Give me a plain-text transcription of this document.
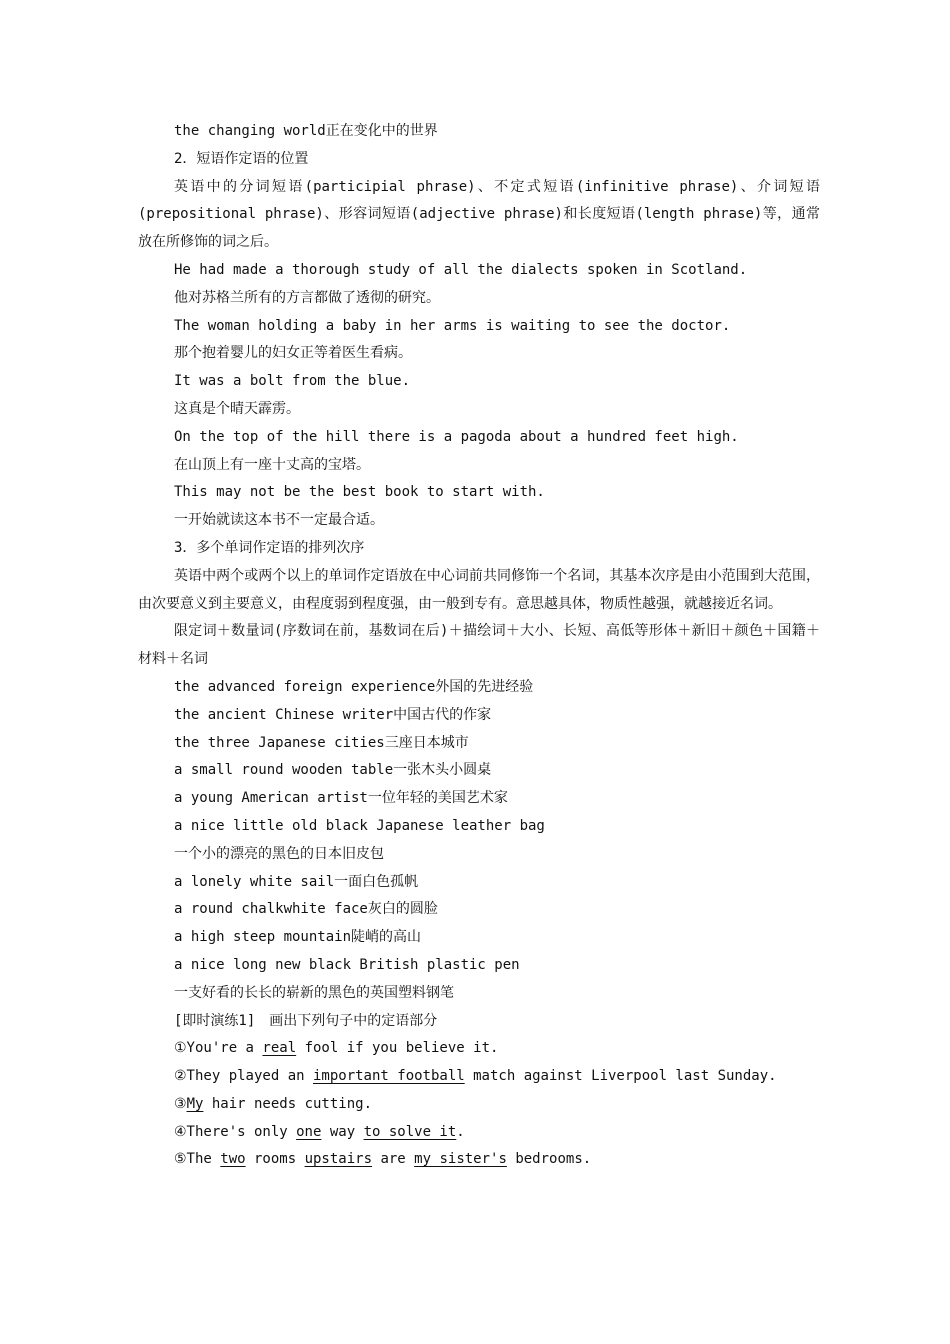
the changing world正在变化中的世界

2．短语作定语的位置

英语中的分词短语(participial phrase)、不定式短语(infinitive phrase)、介词短语(prepositional phrase)、形容词短语(adjective phrase)和长度短语(length phrase)等，通常放在所修饰的词之后。

He had made a thorough study of all the dialects spoken in Scotland.

他对苏格兰所有的方言都做了透彻的研究。

The woman holding a baby in her arms is waiting to see the doctor.

那个抱着婴儿的妇女正等着医生看病。

It was a bolt from the blue.

这真是个晴天霹雳。

On the top of the hill there is a pagoda about a hundred feet high.

在山顶上有一座十丈高的宝塔。

This may not be the best book to start with.

一开始就读这本书不一定最合适。

3．多个单词作定语的排列次序

英语中两个或两个以上的单词作定语放在中心词前共同修饰一个名词，其基本次序是由小范围到大范围，由次要意义到主要意义，由程度弱到程度强，由一般到专有。意思越具体，物质性越强，就越接近名词。

限定词＋数量词(序数词在前，基数词在后)＋描绘词＋大小、长短、高低等形体＋新旧＋颜色＋国籍＋材料＋名词

the advanced foreign experience外国的先进经验

the ancient Chinese writer中国古代的作家

the three Japanese cities三座日本城市

a small round wooden table一张木头小圆桌

a young American artist一位年轻的美国艺术家

a nice little old black Japanese leather bag

一个小的漂亮的黑色的日本旧皮包

a lonely white sail一面白色孤帆

a round chalkwhite face灰白的圆脸

a high steep mountain陡峭的高山

a nice long new black British plastic pen

一支好看的长长的崭新的黑色的英国塑料钢笔

[即时演练1]　画出下列句子中的定语部分

①You're a real fool if you believe it.

②They played an important football match against Liverpool last Sunday.

③My hair needs cutting.

④There's only one way to solve it.

⑤The two rooms upstairs are my sister's bedrooms.
